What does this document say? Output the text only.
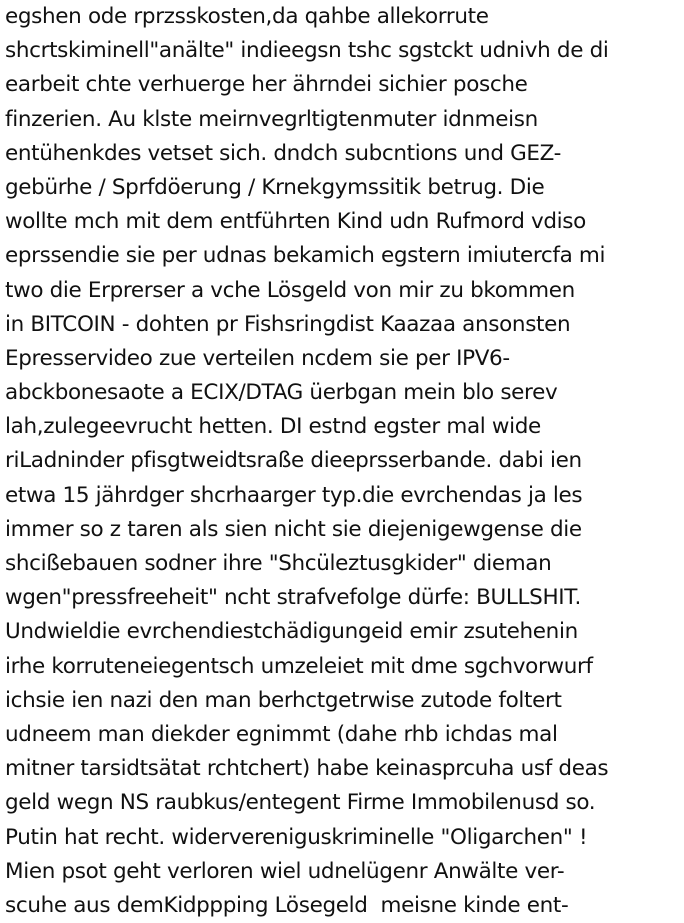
egshen ode rprzsskosten,da qahbe allekorrute
shcrtskiminell"anälte" indieegsn tshc sgstckt udnivh de di
earbeit chte verhuerge her ährndei sichier posche
finzerien. Au klste meirnvegrltigtenmuter idnmeisn
entühenkdes vetset sich. dndch subcntions und GEZ-
gebürhe / Sprfdöerung / Krnekgymssitik betrug. Die
wollte mch mit dem entführten Kind udn Rufmord vdiso
eprssendie sie per udnas bekamich egstern imiutercfa mi
two die Erprerser a vche Lösgeld von mir zu bkommen
in BITCOIN - dohten pr Fishsringdist Kaazaa ansonsten
Epresservideo zue verteilen ncdem sie per IPV6-
abckbonesaote a ECIX/DTAG üerbgan mein blo serev
lah,zulegeevrucht hetten. DI estnd egster mal wide
riLadninder pfisgtweidtsraße dieeprsserbande. dabi ien
etwa 15 jährdger shcrhaarger typ.die evrchendas ja les
immer so z taren als sien nicht sie diejenigewgense die
shcißebauen sodner ihre "Shcüleztusgkider" dieman
wgen"pressfreeheit" ncht strafvefolge dürfe: BULLSHIT.
Undwieldie evrchendiestchädigungeid emir zsutehenin
irhe korruteneiegentsch umzeleiet mit dme sgchvorwurf
ichsie ien nazi den man berhctgetrwise zutode foltert
udneem man diekder egnimmt (dahe rhb ichdas mal
mitner tarsidtsätat rchtchert) habe keinasprcuha usf deas
geld wegn NS raubkus/entegent Firme Immobilenusd so.
Putin hat recht. widervereniguskriminelle "Oligarchen" !
Mien psot geht verloren wiel udnelügenr Anwälte ver-
scuhe aus demKidppping Lösegeld  meisne kinde ent-
